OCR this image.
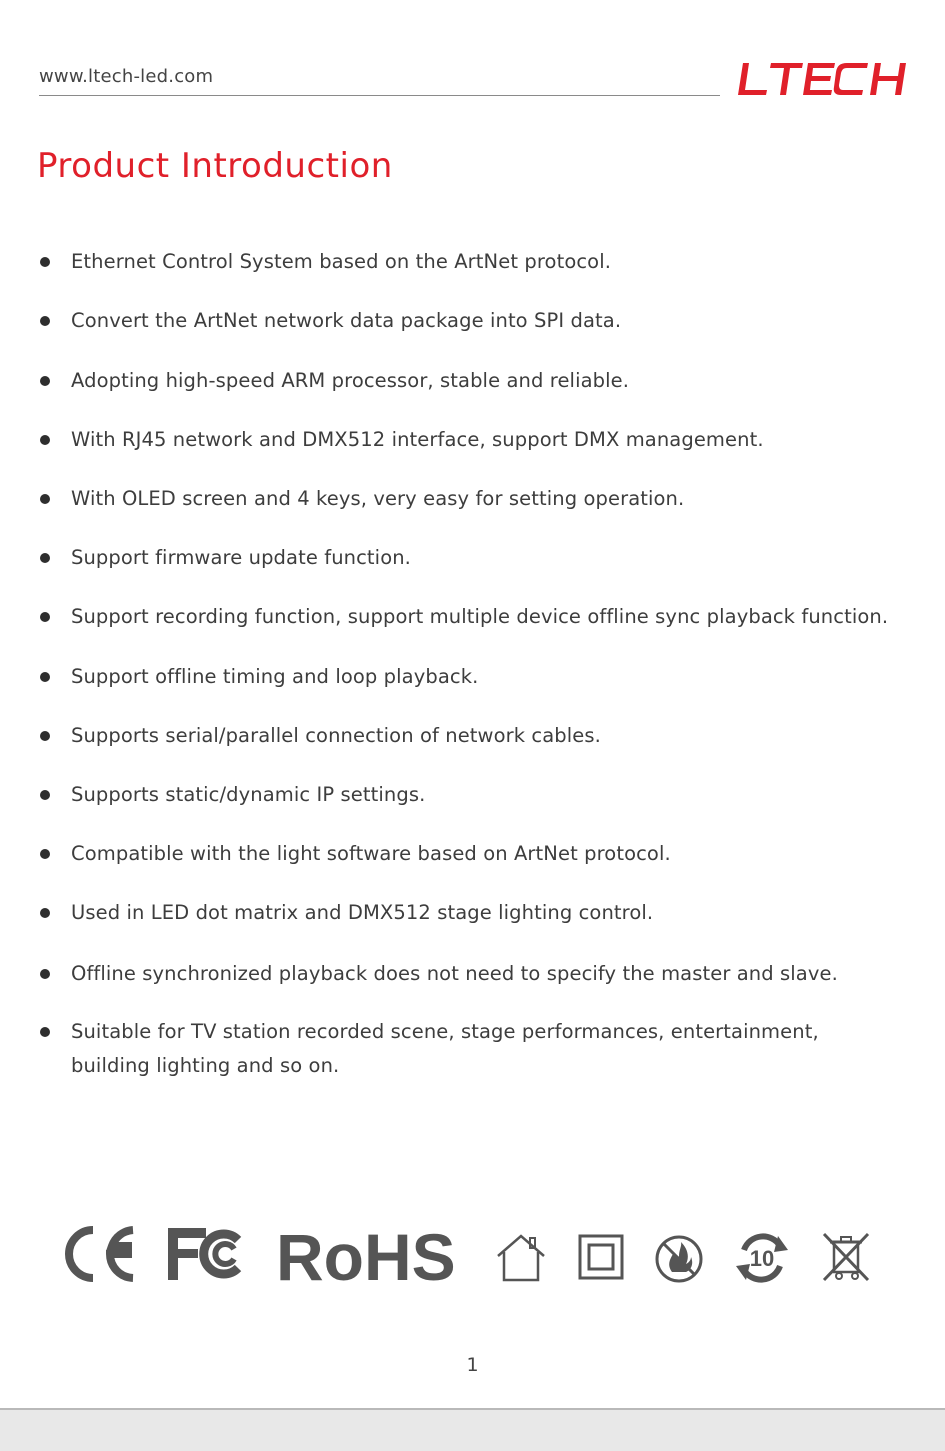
www.ltech-led.com
Product Introduction
Ethernet Control System based on the ArtNet protocol.
Convert the ArtNet network data package into SPI data.
Adopting high-speed ARM processor, stable and reliable.
With RJ45 network and DMX512 interface, support DMX management.
With OLED screen and 4 keys, very easy for setting operation.
Support firmware update function.
Support recording function, support multiple device offline sync playback function.
Support offline timing and loop playback.
Supports serial/parallel connection of network cables.
Supports static/dynamic IP settings.
Compatible with the light software based on ArtNet protocol.
Used in LED dot matrix and DMX512 stage lighting control.
Offline synchronized playback does not need to specify the master and slave.
Suitable for TV station recorded scene, stage performances, entertainment, building lighting and so on.
RoHS	10
1
